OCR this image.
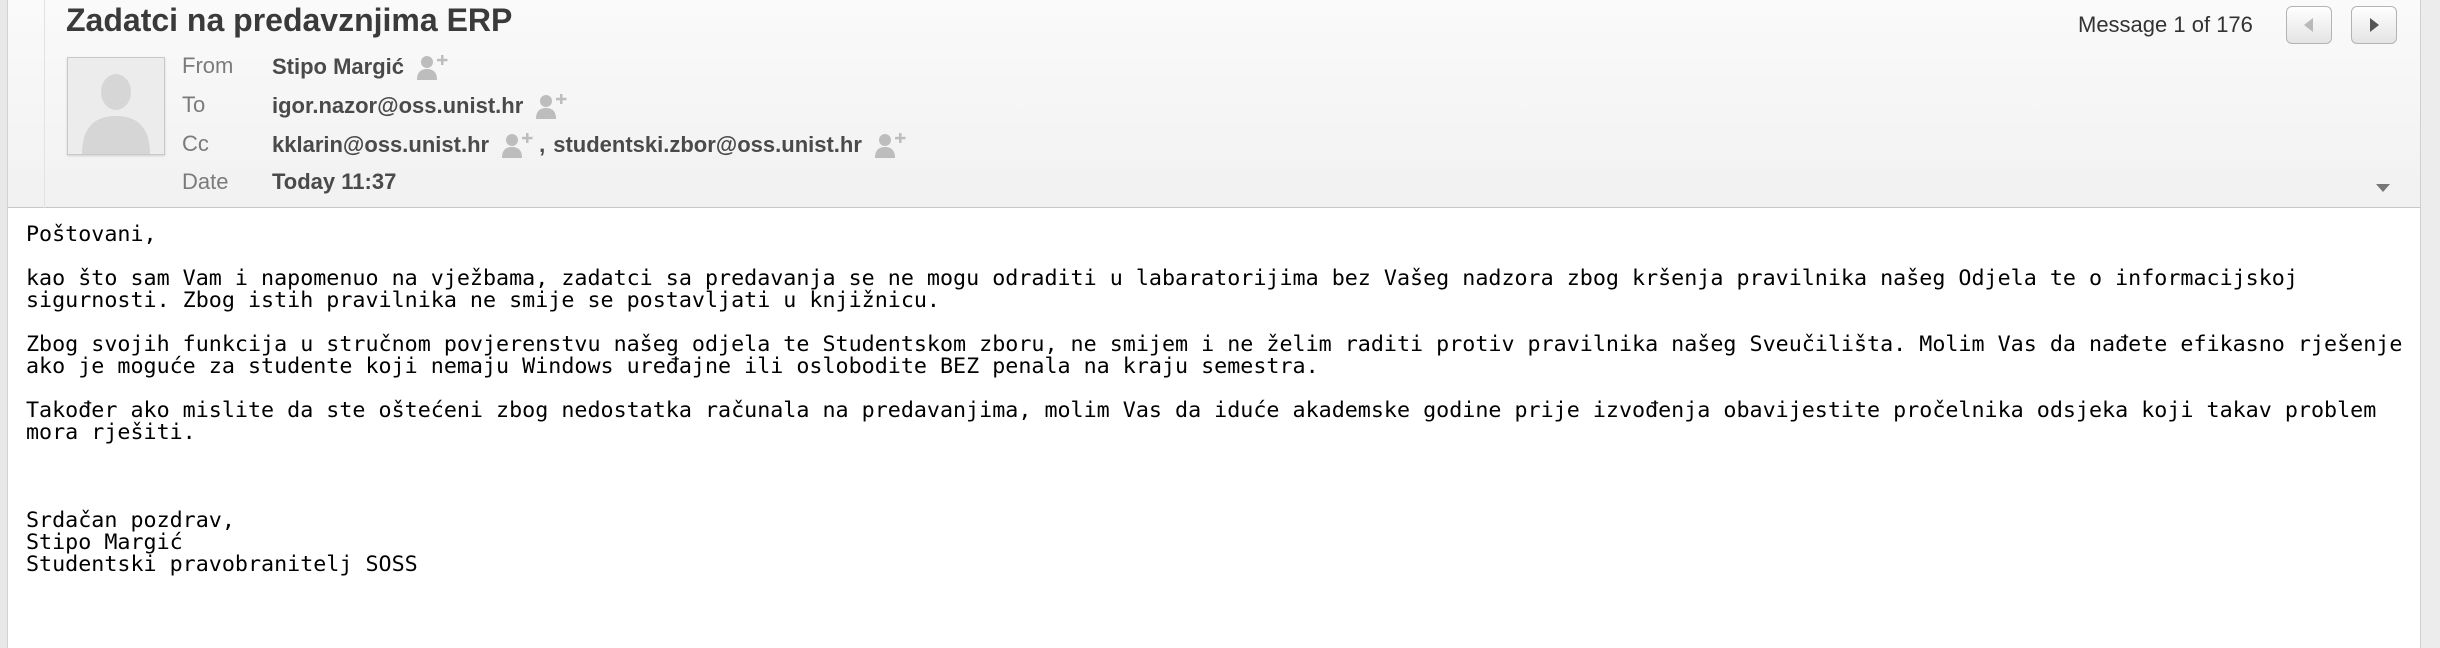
Zadatci na predavznjima ERP
From Stipo Margić
To	igor.nazor@oss.unist.hr
Cc	kklarin@oss.unist.hr , studentski.zbor@oss.unist.hr
Date Today 11:37
Message 1 of 176

Poštovani,

kao što sam Vam i napomenuo na vježbama, zadatci sa predavanja se ne mogu odraditi u labaratorijima bez Vašeg nadzora zbog kršenja pravilnika našeg Odjela te o informacijskoj sigurnosti. Zbog istih pravilnika ne smije se postavljati u knjižnicu.

Zbog svojih funkcija u stručnom povjerenstvu našeg odjela te Studentskom zboru, ne smijem i ne želim raditi protiv pravilnika našeg Sveučilišta. Molim Vas da nađete efikasno rješenje ako je moguće za studente koji nemaju Windows uređajne ili oslobodite BEZ penala na kraju semestra.

Također ako mislite da ste oštećeni zbog nedostatka računala na predavanjima, molim Vas da iduće akademske godine prije izvođenja obavijestite pročelnika odsjeka koji takav problem mora rješiti.

Srdačan pozdrav,

Stipo Margić

Studentski pravobranitelj SOSS
